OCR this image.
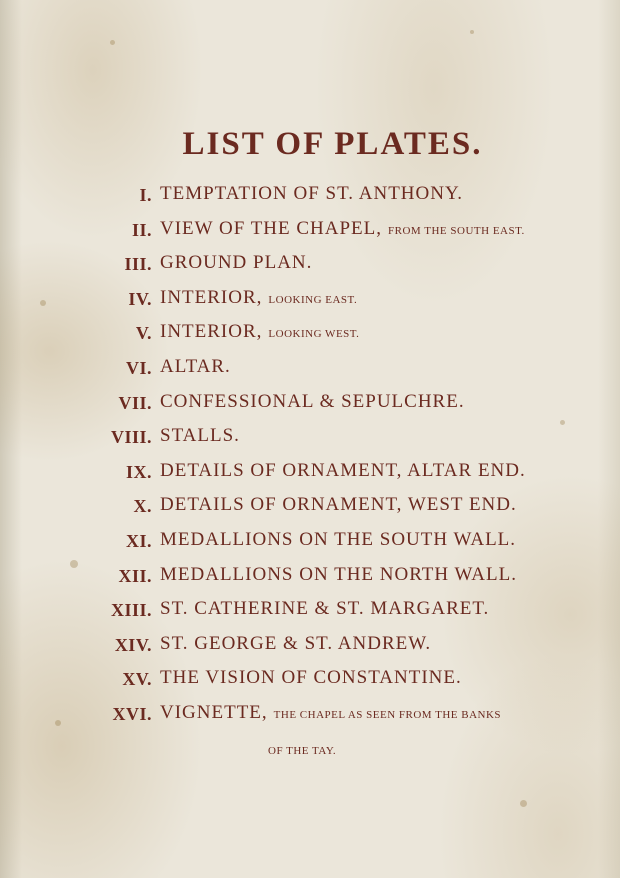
LIST OF PLATES.
I. TEMPTATION OF ST. ANTHONY.
II. VIEW OF THE CHAPEL, FROM THE SOUTH EAST.
III. GROUND PLAN.
IV. INTERIOR, LOOKING EAST.
V. INTERIOR, LOOKING WEST.
VI. ALTAR.
VII. CONFESSIONAL & SEPULCHRE.
VIII. STALLS.
IX. DETAILS OF ORNAMENT, ALTAR END.
X. DETAILS OF ORNAMENT, WEST END.
XI. MEDALLIONS ON THE SOUTH WALL.
XII. MEDALLIONS ON THE NORTH WALL.
XIII. ST. CATHERINE & ST. MARGARET.
XIV. ST. GEORGE & ST. ANDREW.
XV. THE VISION OF CONSTANTINE.
XVI. VIGNETTE, THE CHAPEL AS SEEN FROM THE BANKS
OF THE TAY.
